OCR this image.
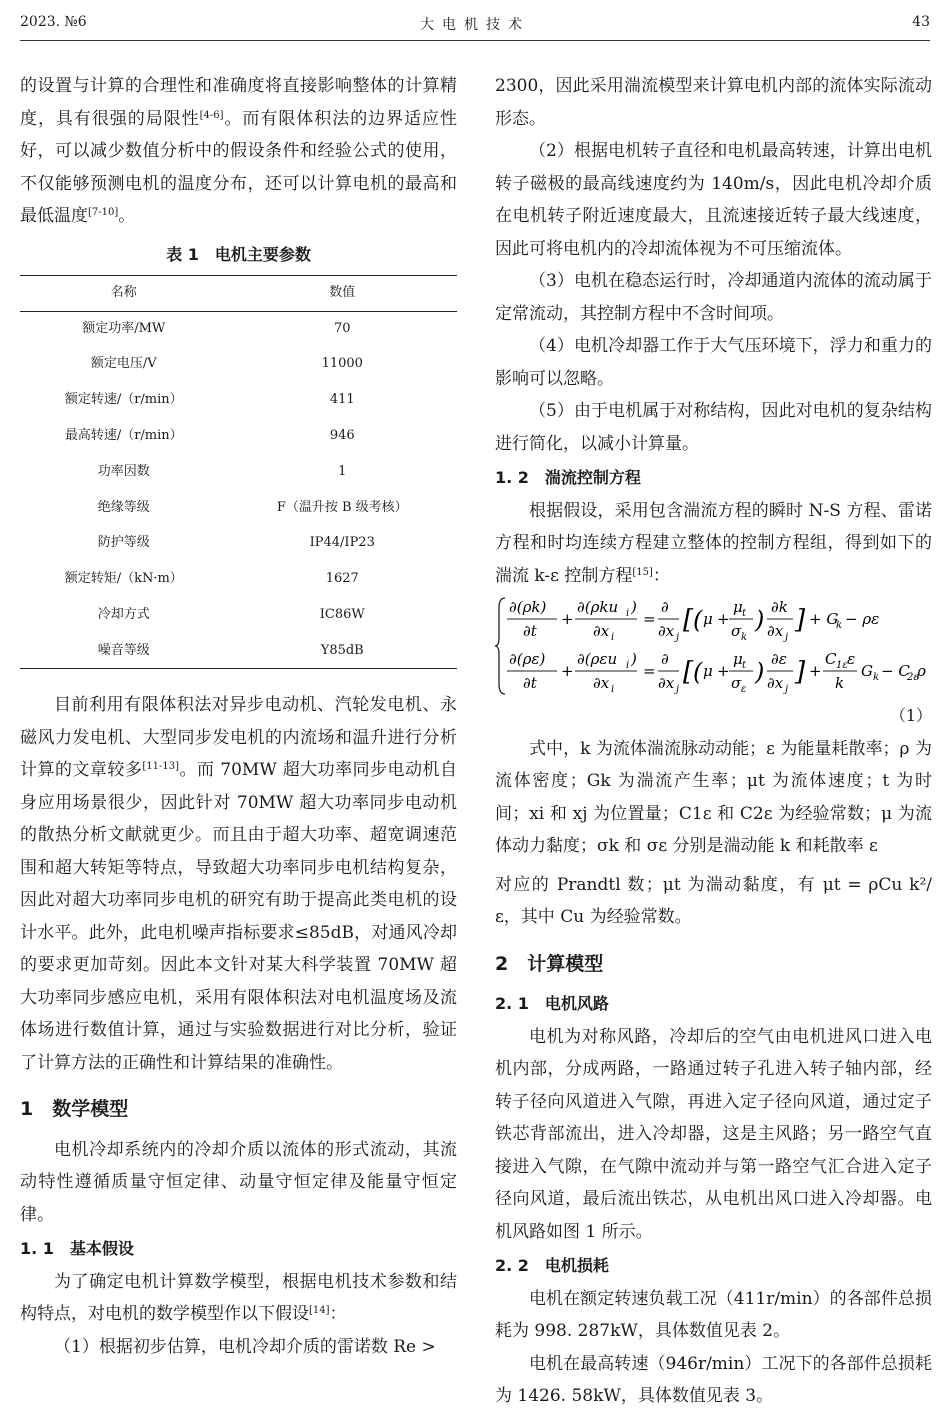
2023. №6	大电机技术	43

的设置与计算的合理性和准确度将直接影响整体的计算精度，具有很强的局限性[4-6]。而有限体积法的边界适应性好，可以减少数值分析中的假设条件和经验公式的使用，不仅能够预测电机的温度分布，还可以计算电机的最高和最低温度[7-10]。

表 1　电机主要参数
名称	数值
额定功率/MW	70
额定电压/V	11000
额定转速/（r/min）	411
最高转速/（r/min）	946
功率因数	1
绝缘等级	F（温升按 B 级考核）
防护等级	IP44/IP23
额定转矩/（kN·m）	1627
冷却方式	IC86W
噪音等级	Y85dB

目前利用有限体积法对异步电动机、汽轮发电机、永磁风力发电机、大型同步发电机的内流场和温升进行分析计算的文章较多[11-13]。而 70MW 超大功率同步电动机自身应用场景很少，因此针对 70MW 超大功率同步电动机的散热分析文献就更少。而且由于超大功率、超宽调速范围和超大转矩等特点，导致超大功率同步电机结构复杂，因此对超大功率同步电机的研究有助于提高此类电机的设计水平。此外，此电机噪声指标要求≤85dB，对通风冷却的要求更加苛刻。因此本文针对某大科学装置 70MW 超大功率同步感应电机，采用有限体积法对电机温度场及流体场进行数值计算，通过与实验数据进行对比分析，验证了计算方法的正确性和计算结果的准确性。

1　数学模型

电机冷却系统内的冷却介质以流体的形式流动，其流动特性遵循质量守恒定律、动量守恒定律及能量守恒定律。

1. 1　基本假设

为了确定电机计算数学模型，根据电机技术参数和结构特点，对电机的数学模型作以下假设[14]：

（1）根据初步估算，电机冷却介质的雷诺数 Re >

2300，因此采用湍流模型来计算电机内部的流体实际流动形态。

（2）根据电机转子直径和电机最高转速，计算出电机转子磁极的最高线速度约为 140m/s，因此电机冷却介质在电机转子附近速度最大，且流速接近转子最大线速度，因此可将电机内的冷却流体视为不可压缩流体。

（3）电机在稳态运行时，冷却通道内流体的流动属于定常流动，其控制方程中不含时间项。

（4）电机冷却器工作于大气压环境下，浮力和重力的影响可以忽略。

（5）由于电机属于对称结构，因此对电机的复杂结构进行简化，以减小计算量。

1. 2　湍流控制方程

根据假设，采用包含湍流方程的瞬时 N-S 方程、雷诺方程和时均连续方程建立整体的控制方程组，得到如下的湍流 k-ε 控制方程[15]：

∂(ρk)
∂t
+
∂(ρku i )
∂x i
=
∂
∂x j
[ ( μ +
μ t
σ k
) ∂k
∂x j
] + G
k − ρε
∂(ρε)
∂t
+
∂(ρεu i )
∂x i
=
∂
∂x j
[ ( μ +
μ t
σ ε
) ∂ε
∂x j
] +
C 1ε ε
k
G k − C
2ε
ρ
（1）

式中，k 为流体湍流脉动动能；ε 为能量耗散率；ρ 为流体密度；Gk 为湍流产生率；μt 为流体速度；t 为时间；xi 和 xj 为位置量；C1ε 和 C2ε 为经验常数；μ 为流体动力黏度；σk 和 σε 分别是湍动能 k 和耗散率 ε

对应的 Prandtl 数；μt 为湍动黏度，有 μt = ρCu k²/ε，其中 Cu 为经验常数。

2　计算模型
2. 1　电机风路

电机为对称风路，冷却后的空气由电机进风口进入电机内部，分成两路，一路通过转子孔进入转子轴内部，经转子径向风道进入气隙，再进入定子径向风道，通过定子铁芯背部流出，进入冷却器，这是主风路；另一路空气直接进入气隙，在气隙中流动并与第一路空气汇合进入定子径向风道，最后流出铁芯，从电机出风口进入冷却器。电机风路如图 1 所示。

2. 2　电机损耗

电机在额定转速负载工况（411r/min）的各部件总损耗为 998. 287kW，具体数值见表 2。

电机在最高转速（946r/min）工况下的各部件总损耗为 1426. 58kW，具体数值见表 3。
